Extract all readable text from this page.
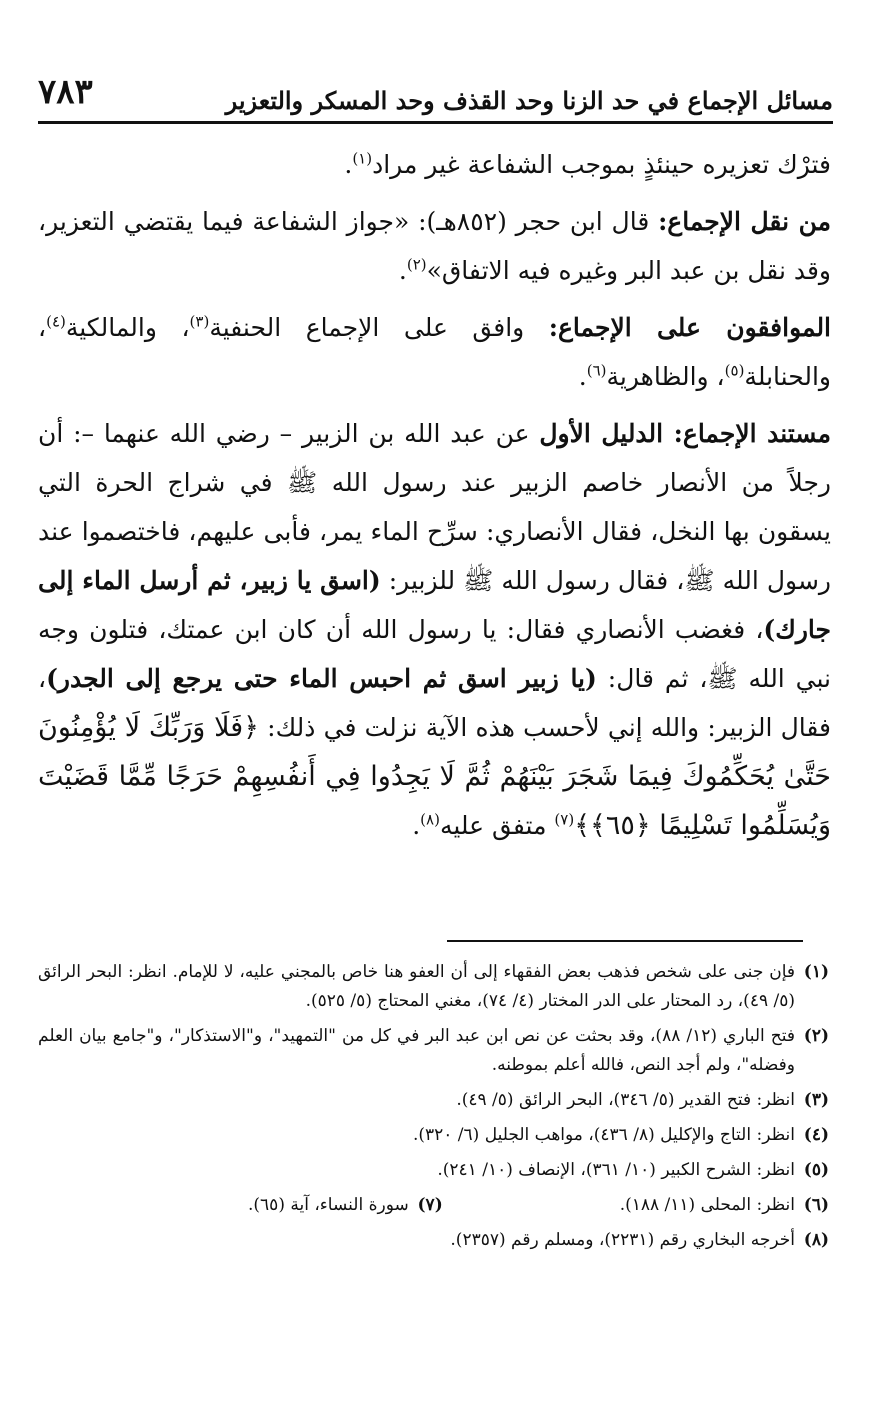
مسائل الإجماع في حد الزنا وحد القذف وحد المسكر والتعزير
٧٨٣

فترْك تعزيره حينئذٍ بموجب الشفاعة غير مراد$^{(١)}$.

من نقل الإجماع: قال ابن حجر (٨٥٢هـ): «جواز الشفاعة فيما يقتضي التعزير، وقد نقل بن عبد البر وغيره فيه الاتفاق»$^{(٢)}$.

الموافقون على الإجماع: وافق على الإجماع الحنفية$^{(٣)}$، والمالكية$^{(٤)}$، والحنابلة$^{(٥)}$، والظاهرية$^{(٦)}$.

مستند الإجماع: الدليل الأول عن عبد الله بن الزبير – رضي الله عنهما –: أن رجلاً من الأنصار خاصم الزبير عند رسول الله ﷺ في شراج الحرة التي يسقون بها النخل، فقال الأنصاري: سرِّح الماء يمر، فأبى عليهم، فاختصموا عند رسول الله ﷺ، فقال رسول الله ﷺ للزبير: (اسق يا زبير، ثم أرسل الماء إلى جارك)، فغضب الأنصاري فقال: يا رسول الله أن كان ابن عمتك، فتلون وجه نبي الله ﷺ، ثم قال: (يا زبير اسق ثم احبس الماء حتى يرجع إلى الجدر)، فقال الزبير: والله إني لأحسب هذه الآية نزلت في ذلك: ﴿فَلَا وَرَبِّكَ لَا يُؤْمِنُونَ حَتَّىٰ يُحَكِّمُوكَ فِيمَا شَجَرَ بَيْنَهُمْ ثُمَّ لَا يَجِدُوا فِي أَنفُسِهِمْ حَرَجًا مِّمَّا قَضَيْتَ وَيُسَلِّمُوا تَسْلِيمًا ﴿٦٥﴾﴾$^{(٧)}$ متفق عليه$^{(٨)}$.

(١)
فإن جنى على شخص فذهب بعض الفقهاء إلى أن العفو هنا خاص بالمجني عليه، لا للإمام. انظر: البحر الرائق (٥/ ٤٩)، رد المحتار على الدر المختار (٤/ ٧٤)، مغني المحتاج (٥/ ٥٢٥).
(٢)
فتح الباري (١٢/ ٨٨)، وقد بحثت عن نص ابن عبد البر في كل من "التمهيد"، و"الاستذكار"، و"جامع بيان العلم وفضله"، ولم أجد النص، فالله أعلم بموطنه.
(٣)
انظر: فتح القدير (٥/ ٣٤٦)، البحر الرائق (٥/ ٤٩).
(٤)
انظر: التاج والإكليل (٨/ ٤٣٦)، مواهب الجليل (٦/ ٣٢٠).
(٥)
انظر: الشرح الكبير (١٠/ ٣٦١)، الإنصاف (١٠/ ٢٤١).
(٦)
انظر: المحلى (١١/ ١٨٨).
(٧)
سورة النساء، آية (٦٥).
(٨)
أخرجه البخاري رقم (٢٢٣١)، ومسلم رقم (٢٣٥٧).
